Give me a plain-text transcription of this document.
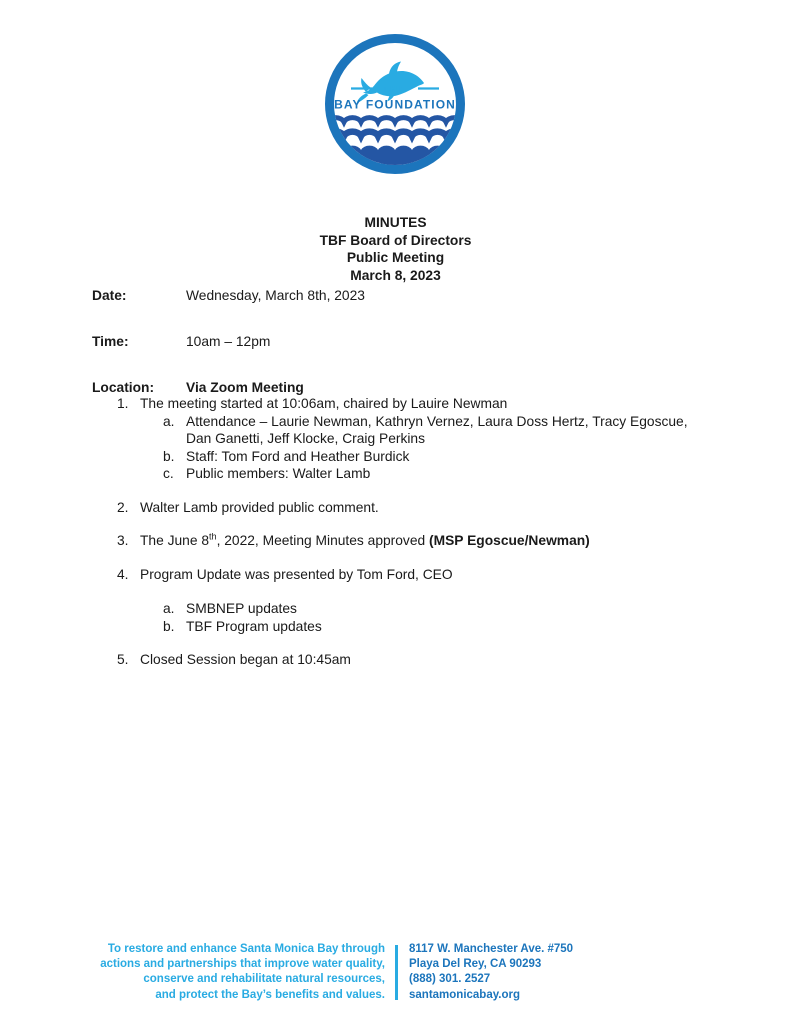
THE
BAY FOUNDATION
MINUTES
TBF Board of Directors
Public Meeting
March 8, 2023
Date:	Wednesday, March 8th, 2023
Time:	10am – 12pm
Location:	Via Zoom Meeting
1. The meeting started at 10:06am, chaired by Lauire Newman
a. Attendance – Laurie Newman, Kathryn Vernez, Laura Doss Hertz, Tracy Egoscue, Dan Ganetti, Jeff Klocke, Craig Perkins
b. Staff: Tom Ford and Heather Burdick
c. Public members: Walter Lamb
2. Walter Lamb provided public comment.
3. The June 8th, 2022, Meeting Minutes approved (MSP Egoscue/Newman)
4. Program Update was presented by Tom Ford, CEO
a. SMBNEP updates
b. TBF Program updates
5. Closed Session began at 10:45am
To restore and enhance Santa Monica Bay through
actions and partnerships that improve water quality,
conserve and rehabilitate natural resources,
and protect the Bay’s benefits and values.
8117 W. Manchester Ave. #750
Playa Del Rey, CA 90293
(888) 301. 2527
santamonicabay.org
